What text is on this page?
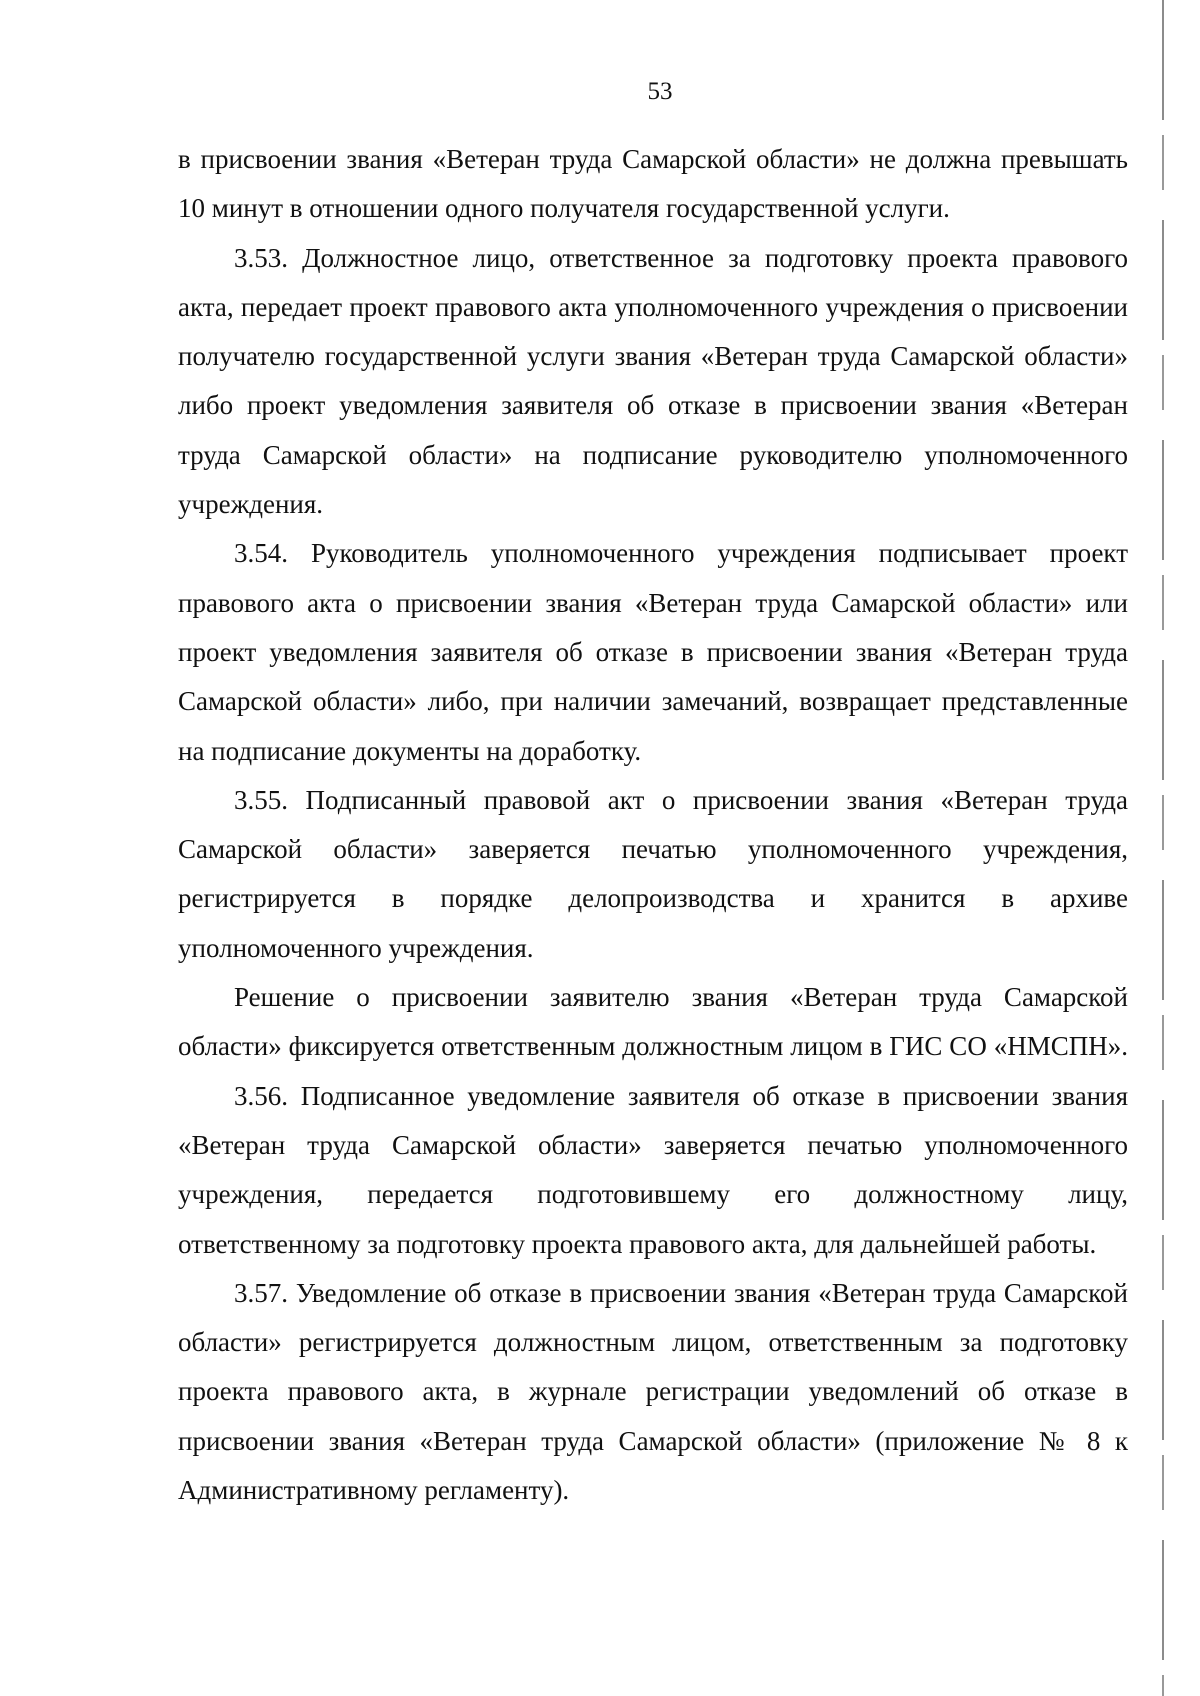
53

в присвоении звания «Ветеран труда Самарской области» не должна превышать 10 минут в отношении одного получателя государственной услуги.

3.53. Должностное лицо, ответственное за подготовку проекта правового акта, передает проект правового акта уполномоченного учреждения о присвоении получателю государственной услуги звания «Ветеран труда Самарской области» либо проект уведомления заявителя об отказе в присвоении звания «Ветеран труда Самарской области» на подписание руководителю уполномоченного учреждения.

3.54. Руководитель уполномоченного учреждения подписывает проект правового акта о присвоении звания «Ветеран труда Самарской области» или проект уведомления заявителя об отказе в присвоении звания «Ветеран труда Самарской области» либо, при наличии замечаний, возвращает представленные на подписание документы на доработку.

3.55. Подписанный правовой акт о присвоении звания «Ветеран труда Самарской области» заверяется печатью уполномоченного учреждения, регистрируется в порядке делопроизводства и хранится в архиве уполномоченного учреждения.

Решение о присвоении заявителю звания «Ветеран труда Самарской области» фиксируется ответственным должностным лицом в ГИС СО «НМСПН».

3.56. Подписанное уведомление заявителя об отказе в присвоении звания «Ветеран труда Самарской области» заверяется печатью уполномоченного учреждения, передается подготовившему его должностному лицу, ответственному за подготовку проекта правового акта, для дальнейшей работы.

3.57. Уведомление об отказе в присвоении звания «Ветеран труда Самарской области» регистрируется должностным лицом, ответственным за подготовку проекта правового акта, в журнале регистрации уведомлений об отказе в присвоении звания «Ветеран труда Самарской области» (приложение № 8 к Административному регламенту).
